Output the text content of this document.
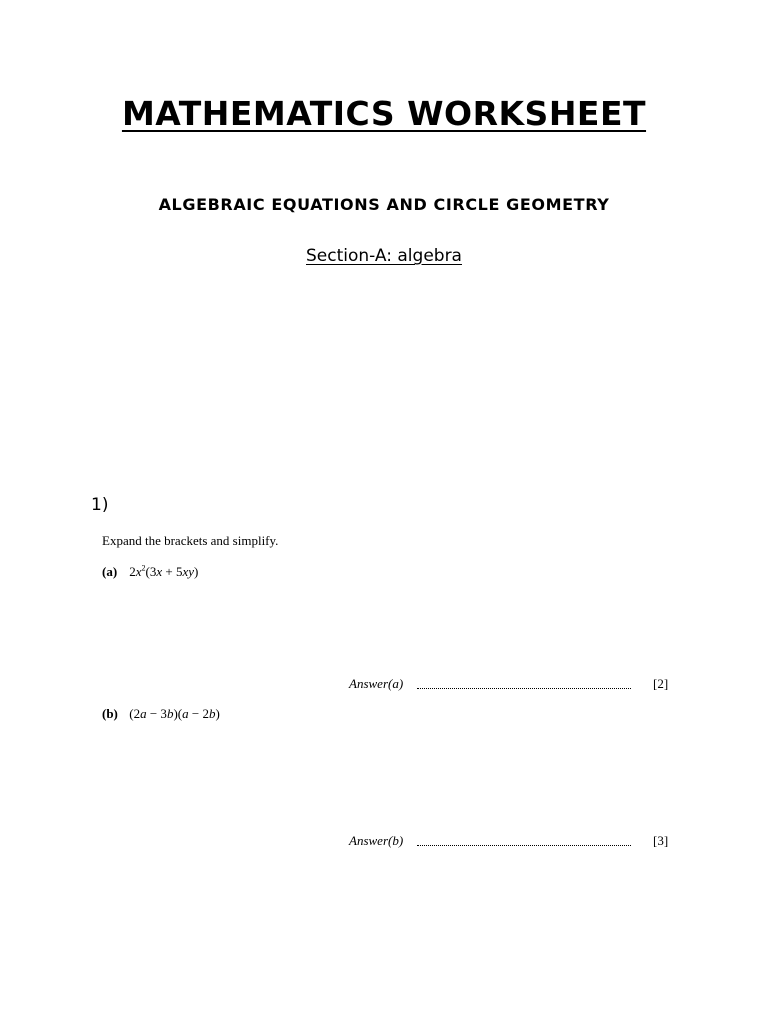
MATHEMATICS WORKSHEET
ALGEBRAIC EQUATIONS AND CIRCLE GEOMETRY
Section-A: algebra
1)
Expand the brackets and simplify.
(a) $2x^2(3x + 5xy)$
Answer(a)	[2]
(b) (2a − 3b)(a − 2b)
Answer(b)	[3]
